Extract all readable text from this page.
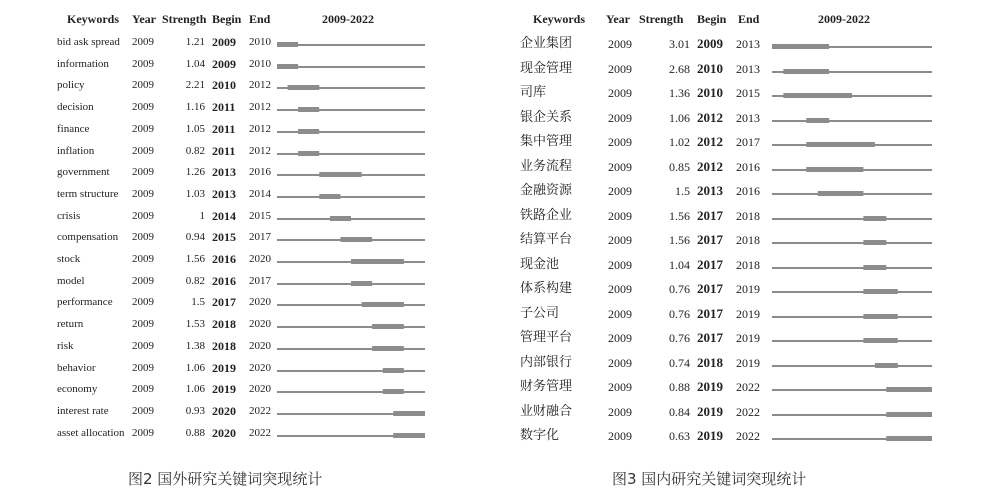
Keywords Year Strength Begin End	2009-2022
bid ask spread 2009	1.21 2009 2010
information 2009	1.04 2009 2010
policy	2009	2.21 2010 2012
decision	2009	1.16 2011 2012
finance	2009	1.05 2011 2012
inflation	2009	0.82 2011 2012
government 2009	1.26 2013 2016
term structure 2009	1.03 2013 2014
crisis	2009	1 2014 2015
compensation 2009	0.94 2015 2017
stock	2009	1.56 2016 2020
model	2009	0.82 2016 2017
performance 2009	1.5 2017 2020
return	2009	1.53 2018 2020
risk	2009	1.38 2018 2020
behavior	2009	1.06 2019 2020
economy	2009	1.06 2019 2020
interest rate 2009	0.93 2020 2022
asset allocation 2009	0.88 2020 2022
图2 国外研究关键词突现统计
Keywords Year Strength Begin End	2009-2022
企业集团	2009	3.01 2009 2013
现金管理	2009	2.68 2010 2013
司库	2009	1.36 2010 2015
银企关系	2009	1.06 2012 2013
集中管理	2009	1.02 2012 2017
业务流程	2009	0.85 2012 2016
金融资源	2009	1.5 2013 2016
铁路企业	2009	1.56 2017 2018
结算平台	2009	1.56 2017 2018
现金池	2009	1.04 2017 2018
体系构建	2009	0.76 2017 2019
子公司	2009	0.76 2017 2019
管理平台	2009	0.76 2017 2019
内部银行	2009	0.74 2018 2019
财务管理	2009	0.88 2019 2022
业财融合	2009	0.84 2019 2022
数字化	2009	0.63 2019 2022
图3 国内研究关键词突现统计
